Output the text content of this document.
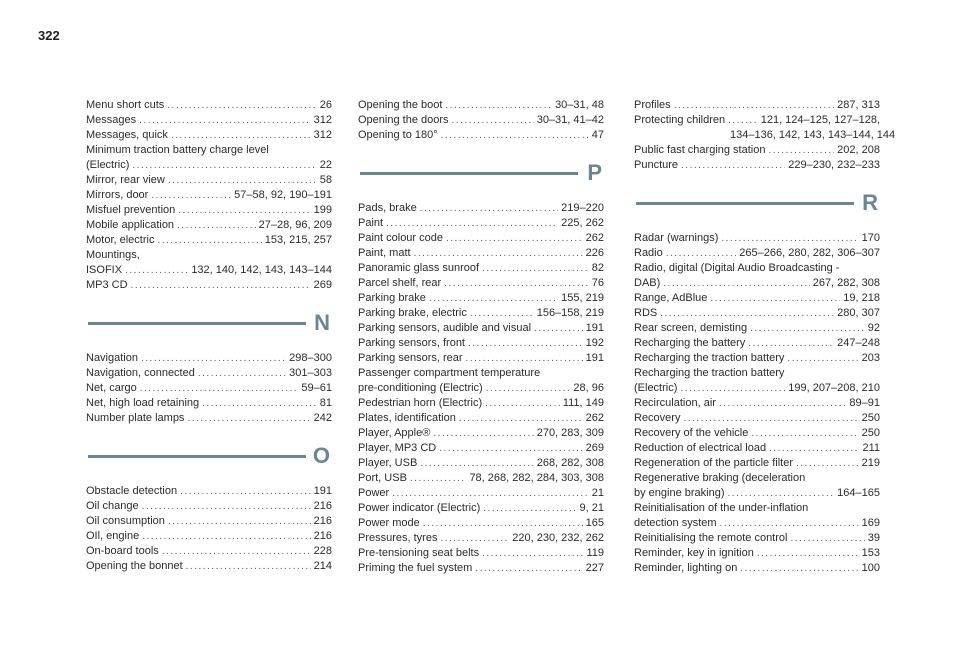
322
Menu short cuts .....	26
Messages .....	312
Messages, quick .....	312
Minimum traction battery charge level
(Electric) .....	22
Mirror, rear view .....	58
Mirrors, door .....	57–58, 92, 190–191
Misfuel prevention .....	199
Mobile application .....	27–28, 96, 209
Motor, electric .....	153, 215, 257
Mountings,
ISOFIX .....	132, 140, 142, 143, 143–144
MP3 CD .....	269
N
Navigation .....	298–300
Navigation, connected .....	301–303
Net, cargo .....	59–61
Net, high load retaining .....	81
Number plate lamps .....	242
O
Obstacle detection .....	191
Oil change .....	216
Oil consumption .....	216
OIl, engine .....	216
On-board tools .....	228
Opening the bonnet .....	214
Opening the boot .....	30–31, 48
Opening the doors .....	30–31, 41–42
Opening to 180° .....	47
P
Pads, brake .....	219–220
Paint .....	225, 262
Paint colour code .....	262
Paint, matt .....	226
Panoramic glass sunroof .....	82
Parcel shelf, rear .....	76
Parking brake .....	155, 219
Parking brake, electric .....	156–158, 219
Parking sensors, audible and visual .....	191
Parking sensors, front .....	192
Parking sensors, rear .....	191
Passenger compartment temperature
pre-conditioning (Electric) .....	28, 96
Pedestrian horn (Electric) .....	111, 149
Plates, identification .....	262
Player, Apple® .....	270, 283, 309
Player, MP3 CD .....	269
Player, USB .....	268, 282, 308
Port, USB .....	78, 268, 282, 284, 303, 308
Power .....	21
Power indicator (Electric) .....	9, 21
Power mode .....	165
Pressures, tyres .....	220, 230, 232, 262
Pre-tensioning seat belts .....	119
Priming the fuel system .....	227
Profiles .....	287, 313
Protecting children .....	121, 124–125, 127–128,
134–136, 142, 143, 143–144, 144
Public fast charging station .....	202, 208
Puncture .....	229–230, 232–233
R
Radar (warnings) .....	170
Radio .....	265–266, 280, 282, 306–307
Radio, digital (Digital Audio Broadcasting -
DAB) .....	267, 282, 308
Range, AdBlue .....	19, 218
RDS .....	280, 307
Rear screen, demisting .....	92
Recharging the battery .....	247–248
Recharging the traction battery .....	203
Recharging the traction battery
(Electric) .....	199, 207–208, 210
Recirculation, air .....	89–91
Recovery .....	250
Recovery of the vehicle .....	250
Reduction of electrical load .....	211
Regeneration of the particle filter .....	219
Regenerative braking (deceleration
by engine braking) .....	164–165
Reinitialisation of the under-inflation
detection system .....	169
Reinitialising the remote control .....	39
Reminder, key in ignition .....	153
Reminder, lighting on .....	100
